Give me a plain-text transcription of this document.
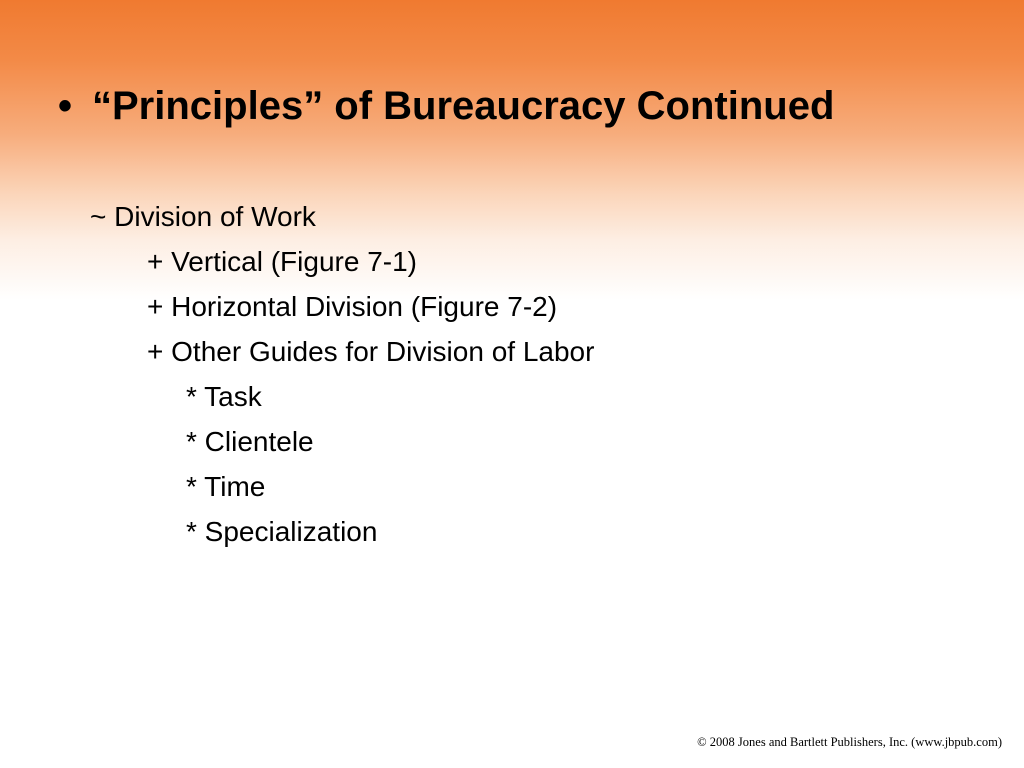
• “Principles” of Bureaucracy Continued
~ Division of Work
+ Vertical (Figure 7-1)
+ Horizontal Division (Figure 7-2)
+ Other Guides for Division of Labor
* Task
* Clientele
* Time
* Specialization
© 2008 Jones and Bartlett Publishers, Inc. (www.jbpub.com)
